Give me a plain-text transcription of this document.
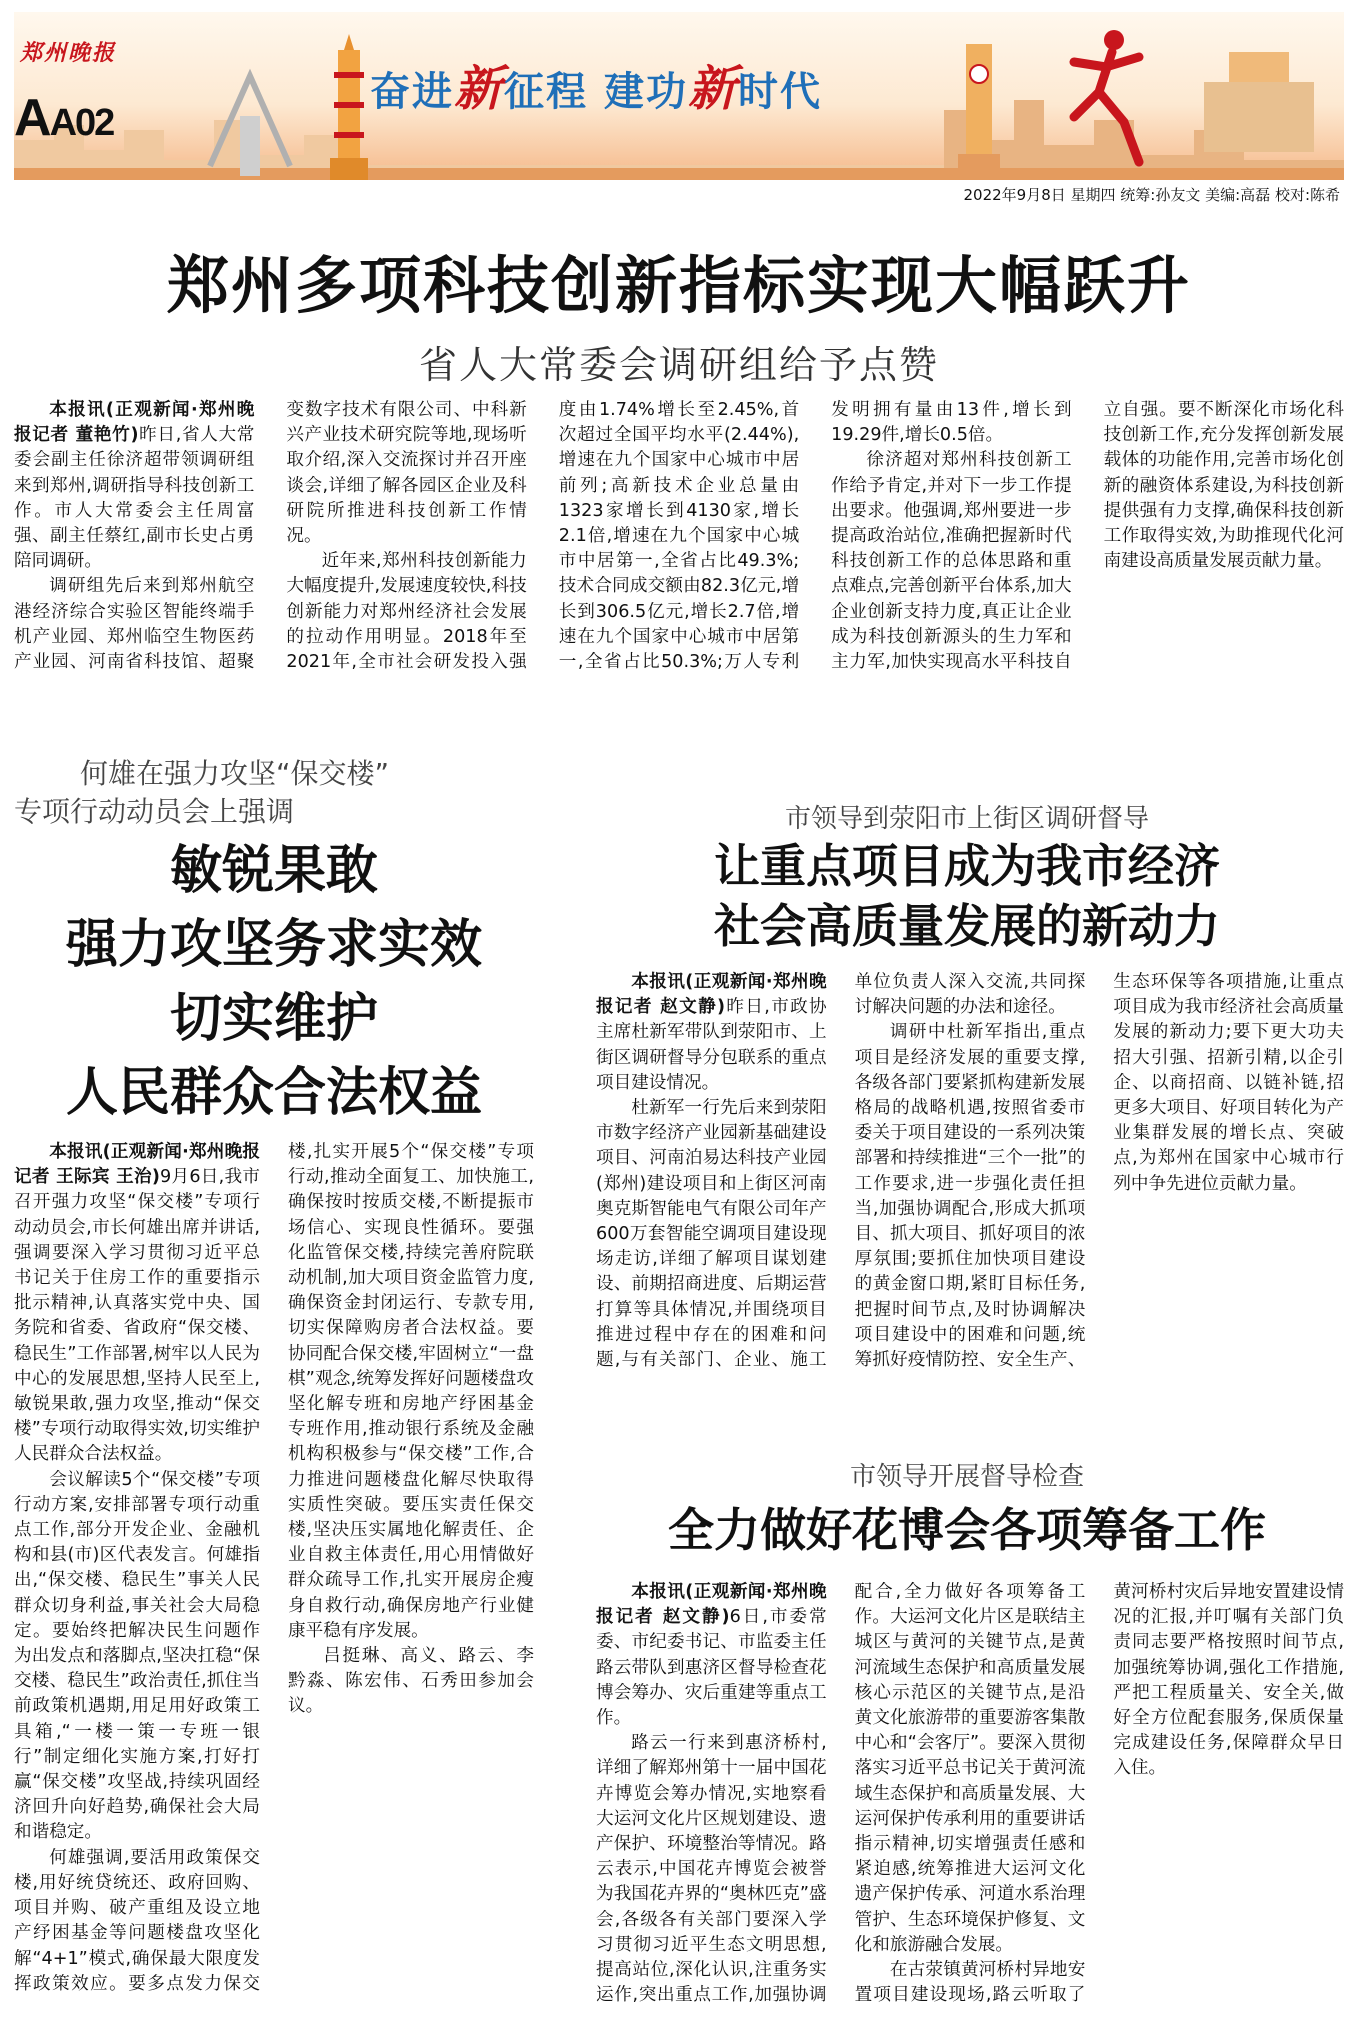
郑州晚报
AA02
奋进新征程 建功新时代
2022年9月8日 星期四 统筹:孙友文 美编:高磊 校对:陈希
郑州多项科技创新指标实现大幅跃升
省人大常委会调研组给予点赞

本报讯(正观新闻·郑州晚报记者 董艳竹)昨日,省人大常委会副主任徐济超带领调研组来到郑州,调研指导科技创新工作。市人大常委会主任周富强、副主任蔡红,副市长史占勇陪同调研。

调研组先后来到郑州航空港经济综合实验区智能终端手机产业园、郑州临空生物医药产业园、河南省科技馆、超聚变数字技术有限公司、中科新兴产业技术研究院等地,现场听取介绍,深入交流探讨并召开座谈会,详细了解各园区企业及科研院所推进科技创新工作情况。

近年来,郑州科技创新能力大幅度提升,发展速度较快,科技创新能力对郑州经济社会发展的拉动作用明显。2018年至2021年,全市社会研发投入强度由1.74%增长至2.45%,首次超过全国平均水平(2.44%),增速在九个国家中心城市中居前列;高新技术企业总量由1323家增长到4130家,增长2.1倍,增速在九个国家中心城市中居第一,全省占比49.3%;技术合同成交额由82.3亿元,增长到306.5亿元,增长2.7倍,增速在九个国家中心城市中居第一,全省占比50.3%;万人专利发明拥有量由13件,增长到19.29件,增长0.5倍。

徐济超对郑州科技创新工作给予肯定,并对下一步工作提出要求。他强调,郑州要进一步提高政治站位,准确把握新时代科技创新工作的总体思路和重点难点,完善创新平台体系,加大企业创新支持力度,真正让企业成为科技创新源头的生力军和主力军,加快实现高水平科技自立自强。要不断深化市场化科技创新工作,充分发挥创新发展载体的功能作用,完善市场化创新的融资体系建设,为科技创新提供强有力支撑,确保科技创新工作取得实效,为助推现代化河南建设高质量发展贡献力量。

何雄在强力攻坚“保交楼”
专项行动动员会上强调
敏锐果敢
强力攻坚务求实效
切实维护
人民群众合法权益

本报讯(正观新闻·郑州晚报记者 王际宾 王治)9月6日,我市召开强力攻坚“保交楼”专项行动动员会,市长何雄出席并讲话,强调要深入学习贯彻习近平总书记关于住房工作的重要指示批示精神,认真落实党中央、国务院和省委、省政府“保交楼、稳民生”工作部署,树牢以人民为中心的发展思想,坚持人民至上,敏锐果敢,强力攻坚,推动“保交楼”专项行动取得实效,切实维护人民群众合法权益。

会议解读5个“保交楼”专项行动方案,安排部署专项行动重点工作,部分开发企业、金融机构和县(市)区代表发言。何雄指出,“保交楼、稳民生”事关人民群众切身利益,事关社会大局稳定。要始终把解决民生问题作为出发点和落脚点,坚决扛稳“保交楼、稳民生”政治责任,抓住当前政策机遇期,用足用好政策工具箱,“一楼一策一专班一银行”制定细化实施方案,打好打赢“保交楼”攻坚战,持续巩固经济回升向好趋势,确保社会大局和谐稳定。

何雄强调,要活用政策保交楼,用好统贷统还、政府回购、项目并购、破产重组及设立地产纾困基金等问题楼盘攻坚化解“4+1”模式,确保最大限度发挥政策效应。要多点发力保交楼,扎实开展5个“保交楼”专项行动,推动全面复工、加快施工,确保按时按质交楼,不断提振市场信心、实现良性循环。要强化监管保交楼,持续完善府院联动机制,加大项目资金监管力度,确保资金封闭运行、专款专用,切实保障购房者合法权益。要协同配合保交楼,牢固树立“一盘棋”观念,统筹发挥好问题楼盘攻坚化解专班和房地产纾困基金专班作用,推动银行系统及金融机构积极参与“保交楼”工作,合力推进问题楼盘化解尽快取得实质性突破。要压实责任保交楼,坚决压实属地化解责任、企业自救主体责任,用心用情做好群众疏导工作,扎实开展房企瘦身自救行动,确保房地产行业健康平稳有序发展。

吕挺琳、高义、路云、李黔淼、陈宏伟、石秀田参加会议。

市领导到荥阳市上街区调研督导
让重点项目成为我市经济
社会高质量发展的新动力

本报讯(正观新闻·郑州晚报记者 赵文静)昨日,市政协主席杜新军带队到荥阳市、上街区调研督导分包联系的重点项目建设情况。

杜新军一行先后来到荥阳市数字经济产业园新基础建设项目、河南泊易达科技产业园(郑州)建设项目和上街区河南奥克斯智能电气有限公司年产600万套智能空调项目建设现场走访,详细了解项目谋划建设、前期招商进度、后期运营打算等具体情况,并围绕项目推进过程中存在的困难和问题,与有关部门、企业、施工单位负责人深入交流,共同探讨解决问题的办法和途径。

调研中杜新军指出,重点项目是经济发展的重要支撑,各级各部门要紧抓构建新发展格局的战略机遇,按照省委市委关于项目建设的一系列决策部署和持续推进“三个一批”的工作要求,进一步强化责任担当,加强协调配合,形成大抓项目、抓大项目、抓好项目的浓厚氛围;要抓住加快项目建设的黄金窗口期,紧盯目标任务,把握时间节点,及时协调解决项目建设中的困难和问题,统筹抓好疫情防控、安全生产、生态环保等各项措施,让重点项目成为我市经济社会高质量发展的新动力;要下更大功夫招大引强、招新引精,以企引企、以商招商、以链补链,招更多大项目、好项目转化为产业集群发展的增长点、突破点,为郑州在国家中心城市行列中争先进位贡献力量。

市领导开展督导检查
全力做好花博会各项筹备工作

本报讯(正观新闻·郑州晚报记者 赵文静)6日,市委常委、市纪委书记、市监委主任路云带队到惠济区督导检查花博会筹办、灾后重建等重点工作。

路云一行来到惠济桥村,详细了解郑州第十一届中国花卉博览会筹办情况,实地察看大运河文化片区规划建设、遗产保护、环境整治等情况。路云表示,中国花卉博览会被誉为我国花卉界的“奥林匹克”盛会,各级各有关部门要深入学习贯彻习近平生态文明思想,提高站位,深化认识,注重务实运作,突出重点工作,加强协调配合,全力做好各项筹备工作。大运河文化片区是联结主城区与黄河的关键节点,是黄河流域生态保护和高质量发展核心示范区的关键节点,是沿黄文化旅游带的重要游客集散中心和“会客厅”。要深入贯彻落实习近平总书记关于黄河流域生态保护和高质量发展、大运河保护传承利用的重要讲话指示精神,切实增强责任感和紧迫感,统筹推进大运河文化遗产保护传承、河道水系治理管护、生态环境保护修复、文化和旅游融合发展。

在古荥镇黄河桥村异地安置项目建设现场,路云听取了黄河桥村灾后异地安置建设情况的汇报,并叮嘱有关部门负责同志要严格按照时间节点,加强统筹协调,强化工作措施,严把工程质量关、安全关,做好全方位配套服务,保质保量完成建设任务,保障群众早日入住。
